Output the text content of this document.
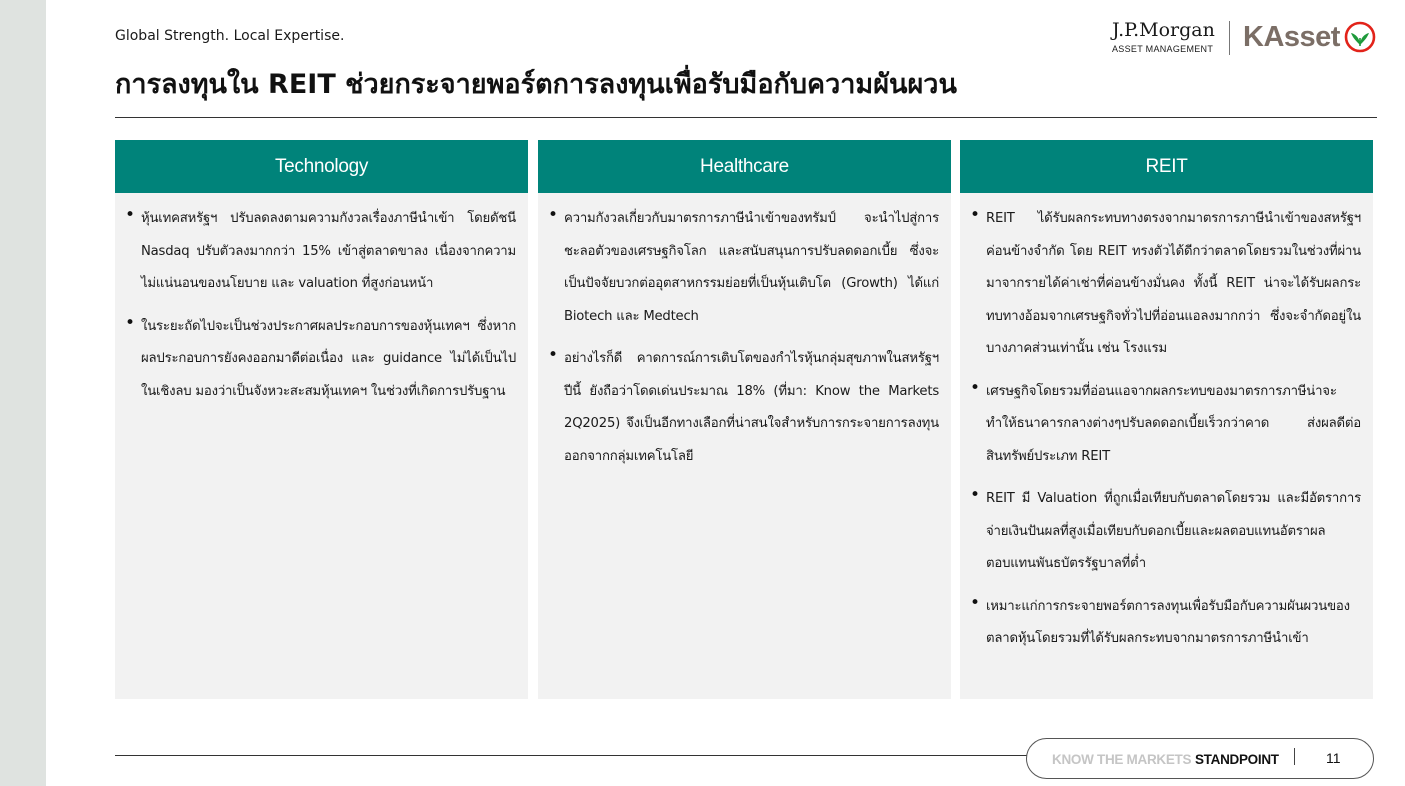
Global Strength. Local Expertise.	J.P.Morgan
ASSET MANAGEMENT KAsset
การลงทุนใน REIT ช่วยกระจายพอร์ตการลงทุนเพื่อรับมือกับความผันผวน
Technology
• หุ้นเทคสหรัฐฯ ปรับลดลงตามความกังวลเรื่องภาษีนำเข้า โดยดัชนี Nasdaq ปรับตัวลงมากกว่า 15% เข้าสู่ตลาดขาลง เนื่องจากความไม่แน่นอนของนโยบาย และ valuation ที่สูงก่อนหน้า
• ในระยะถัดไปจะเป็นช่วงประกาศผลประกอบการของหุ้นเทคฯ ซึ่งหากผลประกอบการยังคงออกมาดีต่อเนื่อง และ guidance ไม่ได้เป็นไปในเชิงลบ มองว่าเป็นจังหวะสะสมหุ้นเทคฯ ในช่วงที่เกิดการปรับฐาน
Healthcare
• ความกังวลเกี่ยวกับมาตรการภาษีนำเข้าของทรัมป์ จะนำไปสู่การชะลอตัวของเศรษฐกิจโลก และสนับสนุนการปรับลดดอกเบี้ย ซึ่งจะเป็นปัจจัยบวกต่ออุตสาหกรรมย่อยที่เป็นหุ้นเติบโต (Growth) ได้แก่ Biotech และ Medtech
• อย่างไรก็ดี คาดการณ์การเติบโตของกำไรหุ้นกลุ่มสุขภาพในสหรัฐฯ ปีนี้ ยังถือว่าโดดเด่นประมาณ 18% (ที่มา: Know the Markets 2Q2025) จึงเป็นอีกทางเลือกที่น่าสนใจสำหรับการกระจายการลงทุนออกจากกลุ่มเทคโนโลยี
REIT
• REIT ได้รับผลกระทบทางตรงจากมาตรการภาษีนำเข้าของสหรัฐฯค่อนข้างจำกัด โดย REIT ทรงตัวได้ดีกว่าตลาดโดยรวมในช่วงที่ผ่านมาจากรายได้ค่าเช่าที่ค่อนข้างมั่นคง ทั้งนี้ REIT น่าจะได้รับผลกระทบทางอ้อมจากเศรษฐกิจทั่วไปที่อ่อนแอลงมากกว่า ซึ่งจะจำกัดอยู่ในบางภาคส่วนเท่านั้น เช่น โรงแรม
• เศรษฐกิจโดยรวมที่อ่อนแอจากผลกระทบของมาตรการภาษีน่าจะทำให้ธนาคารกลางต่างๆปรับลดดอกเบี้ยเร็วกว่าคาด ส่งผลดีต่อสินทรัพย์ประเภท REIT
• REIT มี Valuation ที่ถูกเมื่อเทียบกับตลาดโดยรวม และมีอัตราการจ่ายเงินปันผลที่สูงเมื่อเทียบกับดอกเบี้ยและผลตอบแทนอัตราผลตอบแทนพันธบัตรรัฐบาลที่ต่ำ
• เหมาะแก่การกระจายพอร์ตการลงทุนเพื่อรับมือกับความผันผวนของตลาดหุ้นโดยรวมที่ได้รับผลกระทบจากมาตรการภาษีนำเข้า
KNOW THE MARKETS STANDPOINT	11
